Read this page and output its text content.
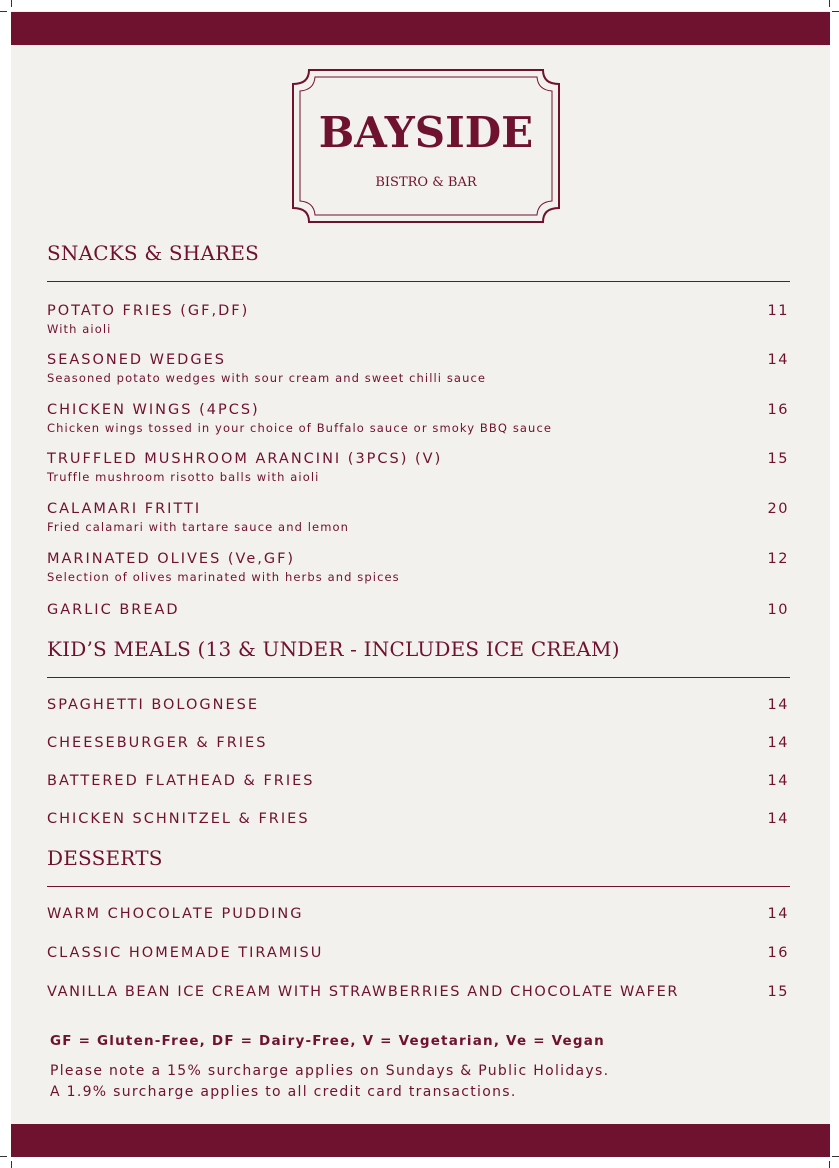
BAYSIDE
BISTRO & BAR
SNACKS & SHARES
POTATO FRIES (GF,DF)
With aioli
11
SEASONED WEDGES
Seasoned potato wedges with sour cream and sweet chilli sauce
14
CHICKEN WINGS (4PCS)
Chicken wings tossed in your choice of Buffalo sauce or smoky BBQ sauce
16
TRUFFLED MUSHROOM ARANCINI (3PCS) (V)
Truffle mushroom risotto balls with aioli
15
CALAMARI FRITTI
Fried calamari with tartare sauce and lemon
20
MARINATED OLIVES (Ve,GF)
Selection of olives marinated with herbs and spices
12
GARLIC BREAD	10
KID’S MEALS (13 & UNDER - INCLUDES ICE CREAM)
SPAGHETTI BOLOGNESE	14
CHEESEBURGER & FRIES	14
BATTERED FLATHEAD & FRIES	14
CHICKEN SCHNITZEL & FRIES	14
DESSERTS
WARM CHOCOLATE PUDDING	14
CLASSIC HOMEMADE TIRAMISU	16
VANILLA BEAN ICE CREAM WITH STRAWBERRIES AND CHOCOLATE WAFER	15
GF = Gluten-Free, DF = Dairy-Free, V = Vegetarian, Ve = Vegan
Please note a 15% surcharge applies on Sundays & Public Holidays.
A 1.9% surcharge applies to all credit card transactions.
